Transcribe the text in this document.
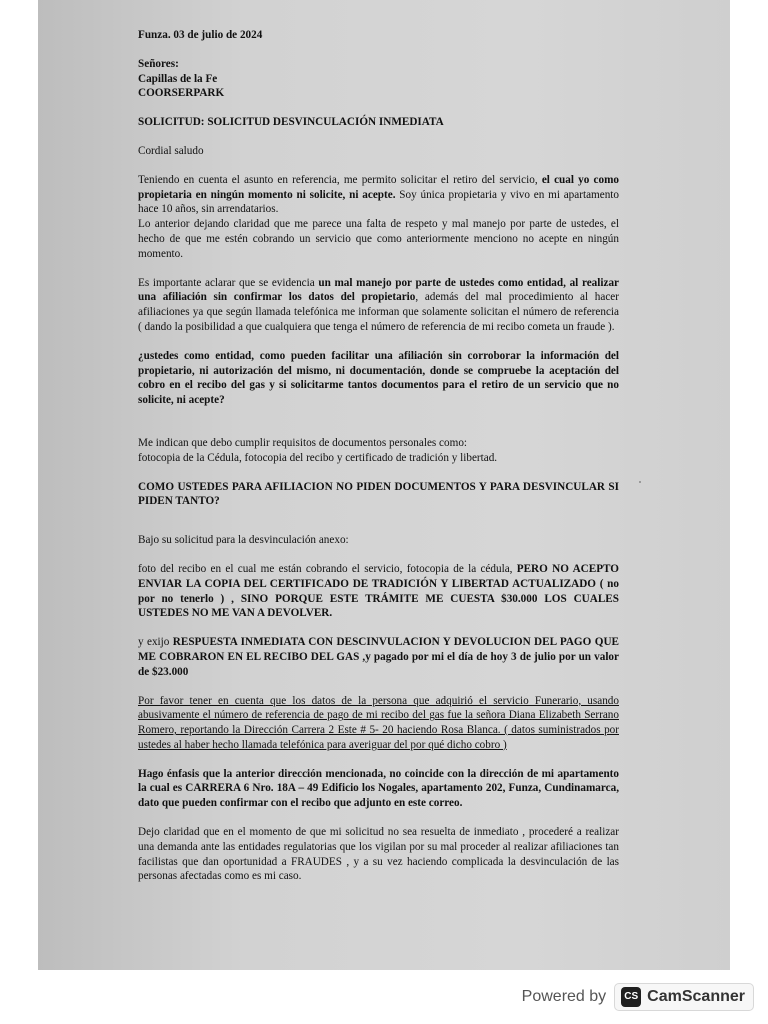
Funza. 03 de julio de 2024

Señores:
Capillas de la Fe
COORSERPARK

SOLICITUD: SOLICITUD DESVINCULACIÓN INMEDIATA

Cordial saludo

Teniendo en cuenta el asunto en referencia, me permito solicitar el retiro del servicio, el cual yo como propietaria en ningún momento ni solicite, ni acepte. Soy única propietaria y vivo en mi apartamento hace 10 años, sin arrendatarios.

Lo anterior dejando claridad que me parece una falta de respeto y mal manejo por parte de ustedes, el hecho de que me estén cobrando un servicio que como anteriormente menciono no acepte en ningún momento.

Es importante aclarar que se evidencia un mal manejo por parte de ustedes como entidad, al realizar una afiliación sin confirmar los datos del propietario, además del mal procedimiento al hacer afiliaciones ya que según llamada telefónica me informan que solamente solicitan el número de referencia ( dando la posibilidad a que cualquiera que tenga el número de referencia de mi recibo cometa un fraude ).

¿ustedes como entidad, como pueden facilitar una afiliación sin corroborar la información del propietario, ni autorización del mismo, ni documentación, donde se compruebe la aceptación del cobro en el recibo del gas y si solicitarme tantos documentos para el retiro de un servicio que no solicite, ni acepte?

Me indican que debo cumplir requisitos de documentos personales como:
fotocopia de la Cédula, fotocopia del recibo y certificado de tradición y libertad.

COMO USTEDES PARA AFILIACION NO PIDEN DOCUMENTOS Y PARA DESVINCULAR SI PIDEN TANTO?

Bajo su solicitud para la desvinculación anexo:

foto del recibo en el cual me están cobrando el servicio, fotocopia de la cédula, PERO NO ACEPTO ENVIAR LA COPIA DEL CERTIFICADO DE TRADICIÓN Y LIBERTAD ACTUALIZADO ( no por no tenerlo ) , SINO PORQUE ESTE TRÁMITE ME CUESTA $30.000 LOS CUALES USTEDES NO ME VAN A DEVOLVER.

y exijo RESPUESTA INMEDIATA CON DESCINVULACION Y DEVOLUCION DEL PAGO QUE ME COBRARON EN EL RECIBO DEL GAS ,y pagado por mi el día de hoy 3 de julio por un valor de $23.000

Por favor tener en cuenta que los datos de la persona que adquirió el servicio Funerario, usando abusivamente el número de referencia de pago de mi recibo del gas fue la señora Diana Elizabeth Serrano Romero, reportando la Dirección Carrera 2 Este # 5- 20 haciendo Rosa Blanca. ( datos suministrados por ustedes al haber hecho llamada telefónica para averiguar del por qué dicho cobro )

Hago énfasis que la anterior dirección mencionada, no coincide con la dirección de mi apartamento la cual es CARRERA 6 Nro. 18A – 49 Edificio los Nogales, apartamento 202, Funza, Cundinamarca, dato que pueden confirmar con el recibo que adjunto en este correo.

Dejo claridad que en el momento de que mi solicitud no sea resuelta de inmediato , procederé a realizar una demanda ante las entidades regulatorias que los vigilan por su mal proceder al realizar afiliaciones tan facilistas que dan oportunidad a FRAUDES , y a su vez haciendo complicada la desvinculación de las personas afectadas como es mi caso.

Powered by	CS CamScanner
